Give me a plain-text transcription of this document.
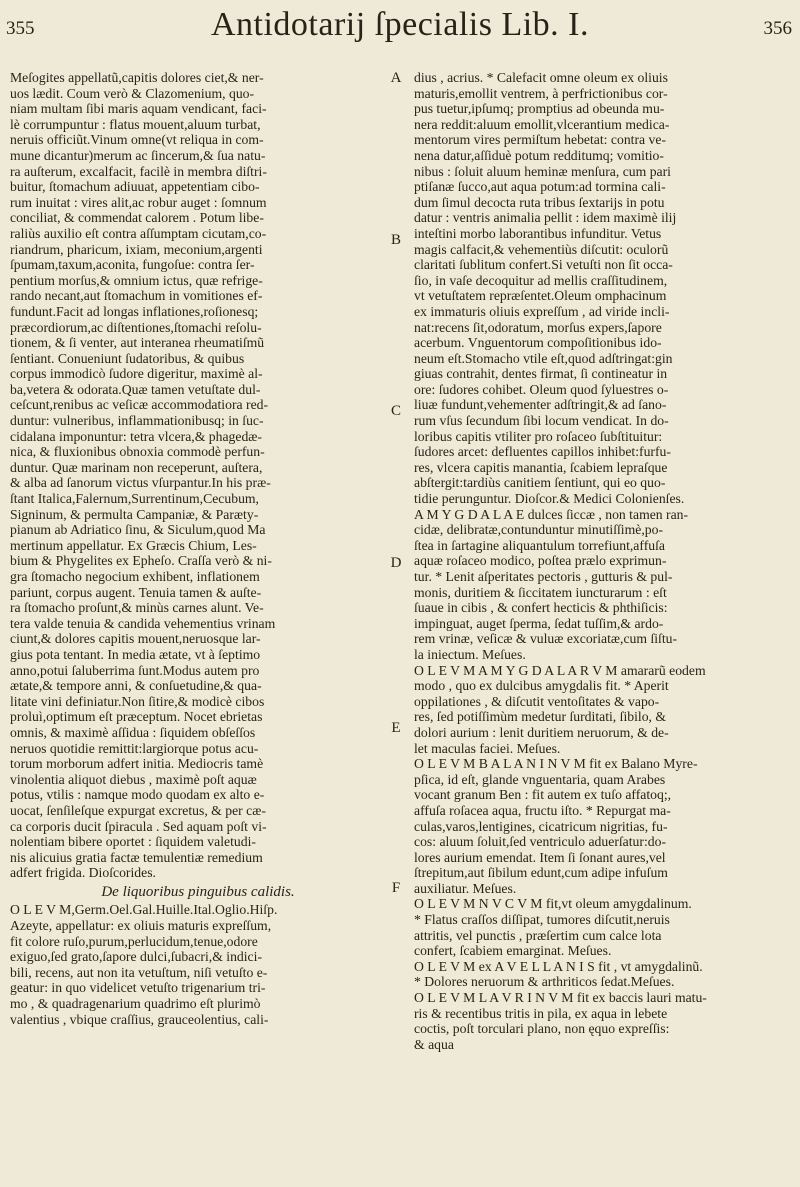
355	Antidotarij ſpecialis Lib. I.	356
Meſogites appellatũ,capitis dolores ciet,& ner-
uos lædit. Coum verò & Clazomenium, quo-
niam multam ſibi maris aquam vendicant, faci-
lè corrumpuntur : flatus mouent,aluum turbat,
neruis officiũt.Vinum omne(vt reliqua in com-
mune dicantur)merum ac ſincerum,& ſua natu-
ra auſterum, excalfacit, facilè in membra diſtri-
buitur, ſtomachum adiuuat, appetentiam cibo-
rum inuitat : vires alit,ac robur auget : ſomnum
conciliat, & commendat calorem . Potum libe-
raliùs auxilio eſt contra aſſumptam cicutam,co-
riandrum, pharicum, ixiam, meconium,argenti
ſpumam,taxum,aconita, fungoſue: contra ſer-
pentium morſus,& omnium ictus, quæ refrige-
rando necant,aut ſtomachum in vomitiones ef-
fundunt.Facit ad longas inflationes,roſionesq;
præcordiorum,ac diſtentiones,ſtomachi reſolu-
tionem, & ſi venter, aut interanea rheumatiſmũ
ſentiant. Conueniunt ſudatoribus, & quibus
corpus immodicò ſudore digeritur, maximè al-
ba,vetera & odorata.Quæ tamen vetuſtate dul-
ceſcunt,renibus ac veſicæ accommodatiora red-
duntur: vulneribus, inflammationibusq; in ſuc-
cidalana imponuntur: tetra vlcera,& phagedæ-
nica, & fluxionibus obnoxia commodè perfun-
duntur. Quæ marinam non receperunt, auſtera,
& alba ad ſanorum victus vſurpantur.In his præ-
ſtant Italica,Falernum,Surrentinum,Cecubum,
Signinum, & permulta Campaniæ, & Paræty-
pianum ab Adriatico ſinu, & Siculum,quod Ma
mertinum appellatur. Ex Græcis Chium, Les-
bium & Phygelites ex Epheſo. Craſſa verò & ni-
gra ſtomacho negocium exhibent, inflationem
pariunt, corpus augent. Tenuia tamen & auſte-
ra ſtomacho proſunt,& minùs carnes alunt. Ve-
tera valde tenuia & candida vehementius vrinam
ciunt,& dolores capitis mouent,neruosque lar-
gius pota tentant. In media ætate, vt à ſeptimo
anno,potui ſaluberrima ſunt.Modus autem pro
ætate,& tempore anni, & conſuetudine,& qua-
litate vini definiatur.Non ſitire,& modicè cibos
proluì,optimum eſt præceptum. Nocet ebrietas
omnis, & maximè aſſidua : ſiquidem obſeſſos
neruos quotidie remittit:largiorque potus acu-
torum morborum adfert initia. Mediocris tamè
vinolentia aliquot diebus , maximè poſt aquæ
potus, vtilis : namque modo quodam ex alto e-
uocat, ſenſileſque expurgat excretus, & per cæ-
ca corporis ducit ſpiracula . Sed aquam poſt vi-
nolentiam bibere oportet : ſiquidem valetudi-
nis alicuius gratia factæ temulentiæ remedium
adfert frigida. Dioſcorides.
De liquoribus pinguibus calidis.
O L E V M,Germ.Oel.Gal.Huille.Ital.Oglio.Hiſp.
Azeyte, appellatur: ex oliuis maturis expreſſum,
fit colore ruſo,purum,perlucidum,tenue,odore
exiguo,ſed grato,ſapore dulci,ſubacri,& indici-
bili, recens, aut non ita vetuſtum, niſi vetuſto e-
geatur: in quo videlicet vetuſto trigenarium tri-
mo , & quadragenarium quadrimo eſt plurimò
valentius , vbique craſſius, grauceolentius, cali-
dius , acrius. * Calefacit omne oleum ex oliuis
maturis,emollit ventrem, à perfrictionibus cor-
pus tuetur,ipſumq; promptius ad obeunda mu-
nera reddit:aluum emollit,vlcerantium medica-
mentorum vires permiſtum hebetat: contra ve-
nena datur,aſſiduè potum redditumq; vomitio-
nibus : ſoluit aluum heminæ menſura, cum pari
ptiſanæ ſucco,aut aqua potum:ad tormina cali-
dum ſimul decocta ruta tribus ſextarijs in potu
datur : ventris animalia pellit : idem maximè ilij
inteſtini morbo laborantibus infunditur. Vetus
magis calfacit,& vehementiùs diſcutit: oculorũ
claritati ſublitum confert.Si vetuſti non ſit occa-
ſio, in vaſe decoquitur ad mellis craſſitudinem,
vt vetuſtatem repræſentet.Oleum omphacinum
ex immaturis oliuis expreſſum , ad viride incli-
nat:recens ſit,odoratum, morſus expers,ſapore
acerbum. Vnguentorum compoſitionibus ido-
neum eſt.Stomacho vtile eſt,quod adſtringat:gin
giuas contrahit, dentes firmat, ſi contineatur in
ore: ſudores cohibet. Oleum quod ſyluestres o-
liuæ fundunt,vehementer adſtringit,& ad ſano-
rum vſus ſecundum ſibi locum vendicat. In do-
loribus capitis vtiliter pro roſaceo ſubſtituitur:
ſudores arcet: defluentes capillos inhibet:furfu-
res, vlcera capitis manantia, ſcabiem lepraſque
abſtergit:tardiùs canitiem ſentiunt, qui eo quo-
tidie perunguntur. Dioſcor.& Medici Colonienſes.
A M Y G D A L A E dulces ſiccæ , non tamen ran-
cidæ, delibratæ,contunduntur minutiſſimè,po-
ſtea in ſartagine aliquantulum torrefiunt,affuſa
aquæ roſaceo modico, poſtea prælo exprimun-
tur. * Lenit aſperitates pectoris , gutturis & pul-
monis, duritiem & ſiccitatem iuncturarum : eſt
ſuaue in cibis , & confert hecticis & phthiſicis:
impinguat, auget ſperma, ſedat tuſſim,& ardo-
rem vrinæ, veſicæ & vuluæ excoriatæ,cum ſiſtu-
la iniectum. Meſues.
O L E V M A M Y G D A L A R V M amararũ eodem
modo , quo ex dulcibus amygdalis fit. * Aperit
oppilationes , & diſcutit ventoſitates & vapo-
res, ſed potiſſimùm medetur ſurditati, ſibilo, &
dolori aurium : lenit duritiem neruorum, & de-
let maculas faciei. Meſues.
O L E V M B A L A N I N V M fit ex Balano Myre-
pſica, id eſt, glande vnguentaria, quam Arabes
vocant granum Ben : fit autem ex tuſo affatoq;,
affuſa roſacea aqua, fructu iſto. * Repurgat ma-
culas,varos,lentigines, cicatricum nigritias, fu-
cos: aluum ſoluit,ſed ventriculo aduerſatur:do-
lores aurium emendat. Item ſi ſonant aures,vel
ſtrepitum,aut ſibilum edunt,cum adipe infuſum
auxiliatur. Meſues.
O L E V M N V C V M fit,vt oleum amygdalinum.
* Flatus craſſos diſſipat, tumores diſcutit,neruis
attritis, vel punctis , præſertim cum calce lota
confert, ſcabiem emarginat. Meſues.
O L E V M ex A V E L L A N I S fit , vt amygdalinũ.
* Dolores neruorum & arthriticos ſedat.Meſues.
O L E V M L A V R I N V M fit ex baccis lauri matu-
ris & recentibus tritis in pila, ex aqua in lebete
coctis, poſt torculari plano, non ęquo expreſſis:
& aqua
A
B
C
D
E
F
